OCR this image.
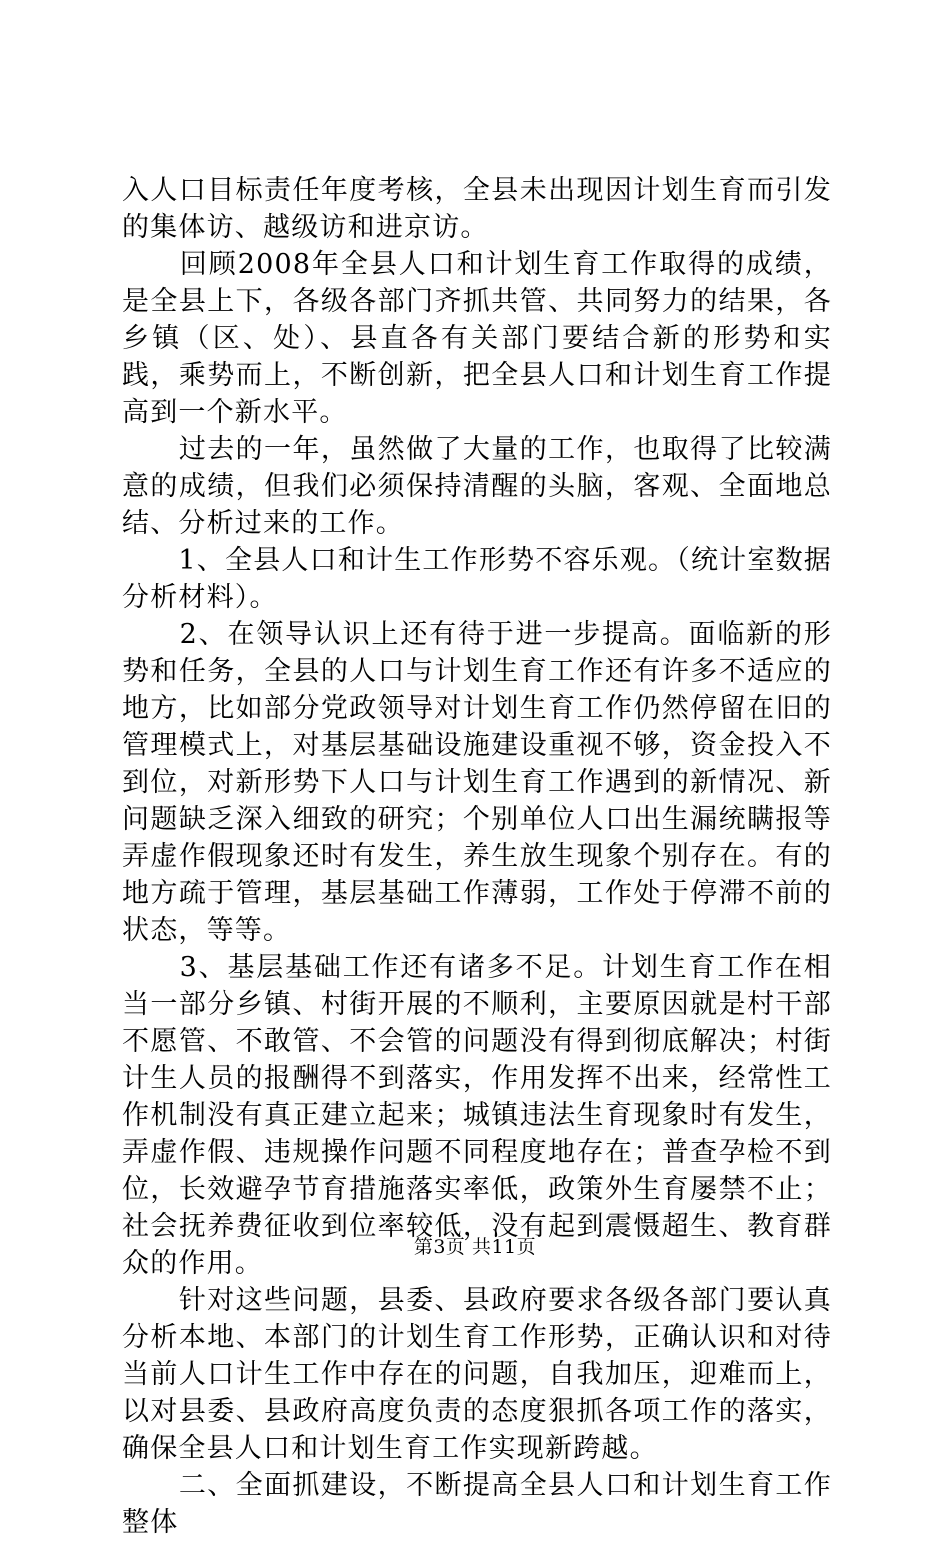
入人口目标责任年度考核，全县未出现因计划生育而引发的集体访、越级访和进京访。

　　回顾2008年全县人口和计划生育工作取得的成绩，是全县上下，各级各部门齐抓共管、共同努力的结果，各乡镇（区、处）、县直各有关部门要结合新的形势和实践，乘势而上，不断创新，把全县人口和计划生育工作提高到一个新水平。

　　过去的一年，虽然做了大量的工作，也取得了比较满意的成绩，但我们必须保持清醒的头脑，客观、全面地总结、分析过来的工作。

　　1、全县人口和计生工作形势不容乐观。（统计室数据分析材料）。

　　2、在领导认识上还有待于进一步提高。面临新的形势和任务，全县的人口与计划生育工作还有许多不适应的地方，比如部分党政领导对计划生育工作仍然停留在旧的管理模式上，对基层基础设施建设重视不够，资金投入不到位，对新形势下人口与计划生育工作遇到的新情况、新问题缺乏深入细致的研究；个别单位人口出生漏统瞒报等弄虚作假现象还时有发生，养生放生现象个别存在。有的地方疏于管理，基层基础工作薄弱，工作处于停滞不前的状态，等等。

　　3、基层基础工作还有诸多不足。计划生育工作在相当一部分乡镇、村街开展的不顺利，主要原因就是村干部不愿管、不敢管、不会管的问题没有得到彻底解决；村街计生人员的报酬得不到落实，作用发挥不出来，经常性工作机制没有真正建立起来；城镇违法生育现象时有发生，弄虚作假、违规操作问题不同程度地存在；普查孕检不到位，长效避孕节育措施落实率低，政策外生育屡禁不止；社会抚养费征收到位率较低，没有起到震慑超生、教育群众的作用。

　　针对这些问题，县委、县政府要求各级各部门要认真分析本地、本部门的计划生育工作形势，正确认识和对待当前人口计生工作中存在的问题，自我加压，迎难而上，以对县委、县政府高度负责的态度狠抓各项工作的落实，确保全县人口和计划生育工作实现新跨越。

　　二、全面抓建设，不断提高全县人口和计划生育工作整体

第3页 共11页
